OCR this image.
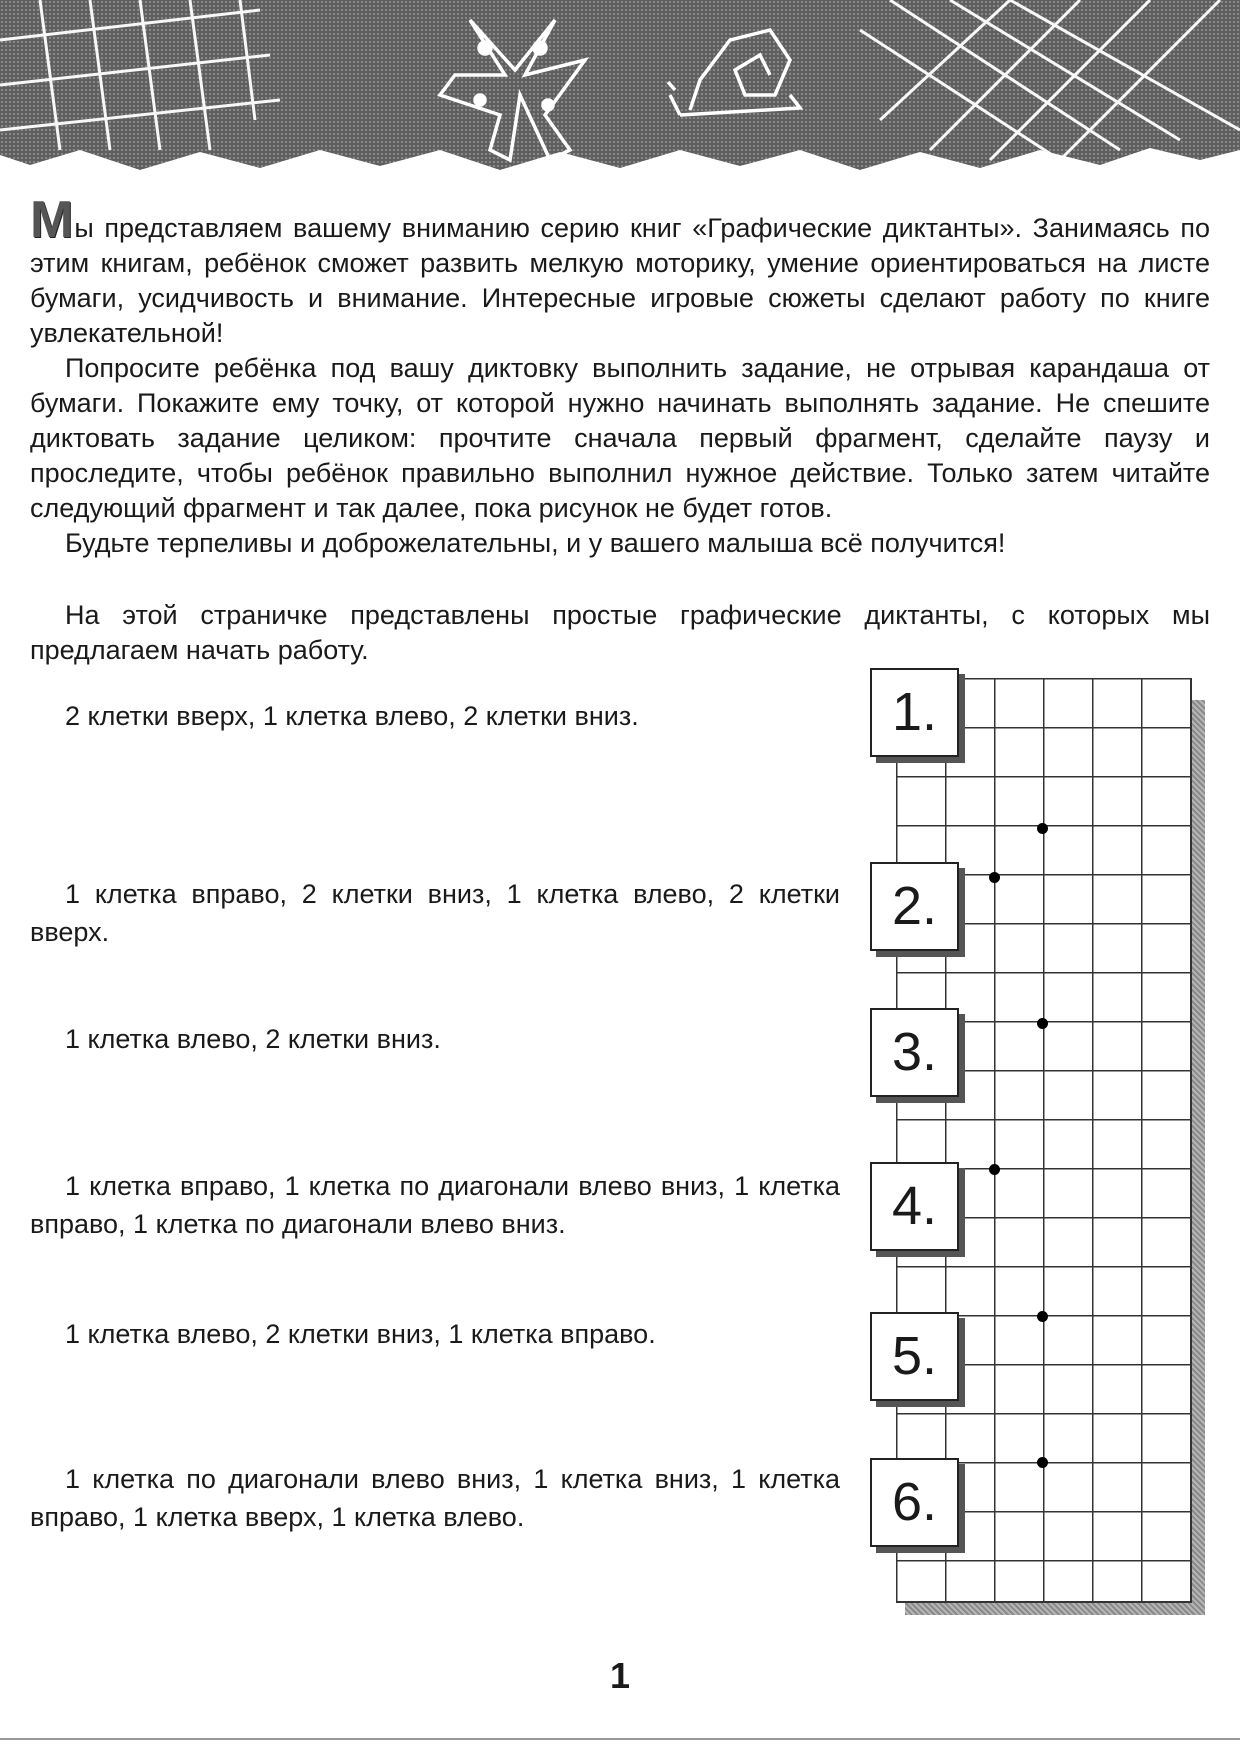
Мы представляем вашему вниманию серию книг «Графические диктанты». Занимаясь по этим книгам, ребёнок сможет развить мелкую моторику, умение ориентироваться на листе бумаги, усидчивость и внимание. Интересные игровые сюжеты сделают работу по книге увлекательной!

Попросите ребёнка под вашу диктовку выполнить задание, не отрывая карандаша от бумаги. Покажите ему точку, от которой нужно начинать выполнять задание. Не спешите диктовать задание целиком: прочтите сначала первый фрагмент, сделайте паузу и проследите, чтобы ребёнок правильно выполнил нужное действие. Только затем читайте следующий фрагмент и так далее, пока рисунок не будет готов.

Будьте терпеливы и доброжелательны, и у вашего малыша всё получится!

На этой страничке представлены простые графические диктанты, с которых мы предлагаем начать работу.

2 клетки вверх, 1 клетка влево, 2 клетки вниз.
1 клетка вправо, 2 клетки вниз, 1 клетка влево, 2 клетки вверх.
1 клетка влево, 2 клетки вниз.
1 клетка вправо, 1 клетка по диагонали влево вниз, 1 клетка вправо, 1 клетка по диагонали влево вниз.
1 клетка влево, 2 клетки вниз, 1 клетка вправо.
1 клетка по диагонали влево вниз, 1 клетка вниз, 1 клетка вправо, 1 клетка вверх, 1 клетка влево.
1.
2.
3.
4.
5.
6.
1
